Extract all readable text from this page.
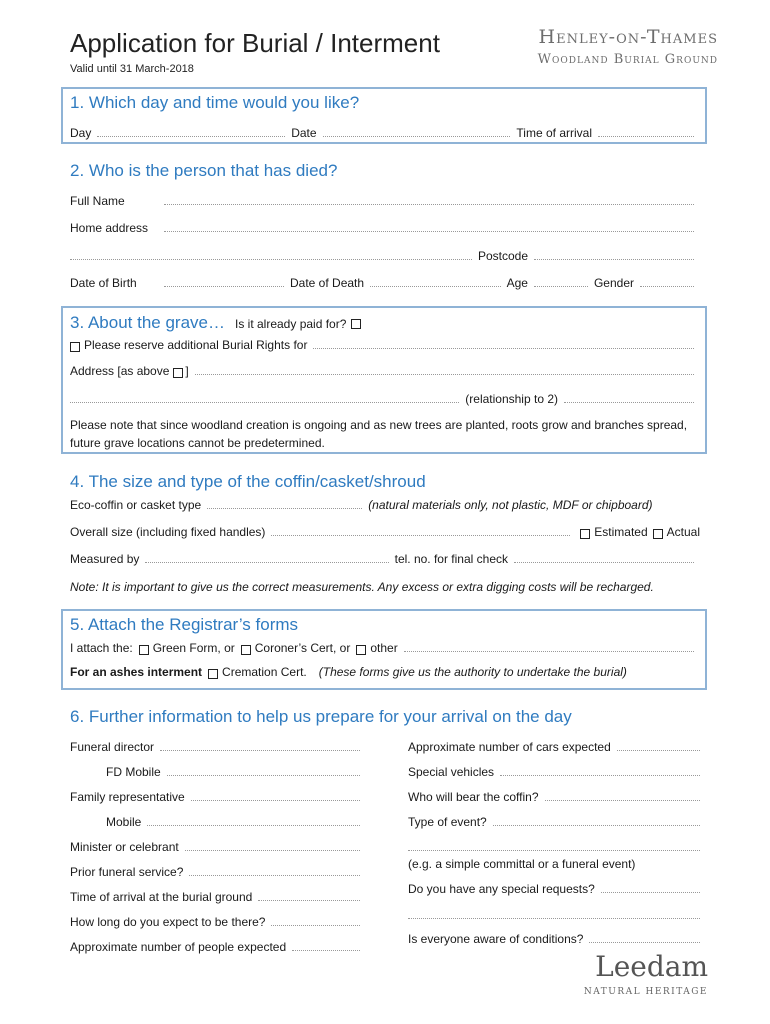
Application for Burial / Interment
Valid until 31 March-2018
Henley-on-Thames
Woodland Burial Ground
1. Which day and time would you like?
Day	Date	Time of arrival
2. Who is the person that has died?
Full Name
Home address
Postcode
Date of Birth	Date of Death	Age	Gender
3. About the grave… Is it already paid for?
Please reserve additional Burial Rights for
Address [as above ]
(relationship to 2)
Please note that since woodland creation is ongoing and as new trees are planted, roots grow and branches spread, future grave locations cannot be predetermined.
4. The size and type of the coffin/casket/shroud
Eco-coffin or casket type	(natural materials only, not plastic, MDF or chipboard)
Overall size (including fixed handles)	Estimated Actual
Measured by	tel. no. for final check
Note: It is important to give us the correct measurements. Any excess or extra digging costs will be recharged.
5. Attach the Registrar’s forms
I attach the: Green Form, or Coroner’s Cert, or other
For an ashes interment Cremation Cert. (These forms give us the authority to undertake the burial)
6. Further information to help us prepare for your arrival on the day
Funeral director
FD Mobile
Family representative
Mobile
Minister or celebrant
Prior funeral service?
Time of arrival at the burial ground
How long do you expect to be there?
Approximate number of people expected
Approximate number of cars expected
Special vehicles
Who will bear the coffin?
Type of event?
(e.g. a simple committal or a funeral event)
Do you have any special requests?
Is everyone aware of conditions?
Leedam
NATURAL HERITAGE
